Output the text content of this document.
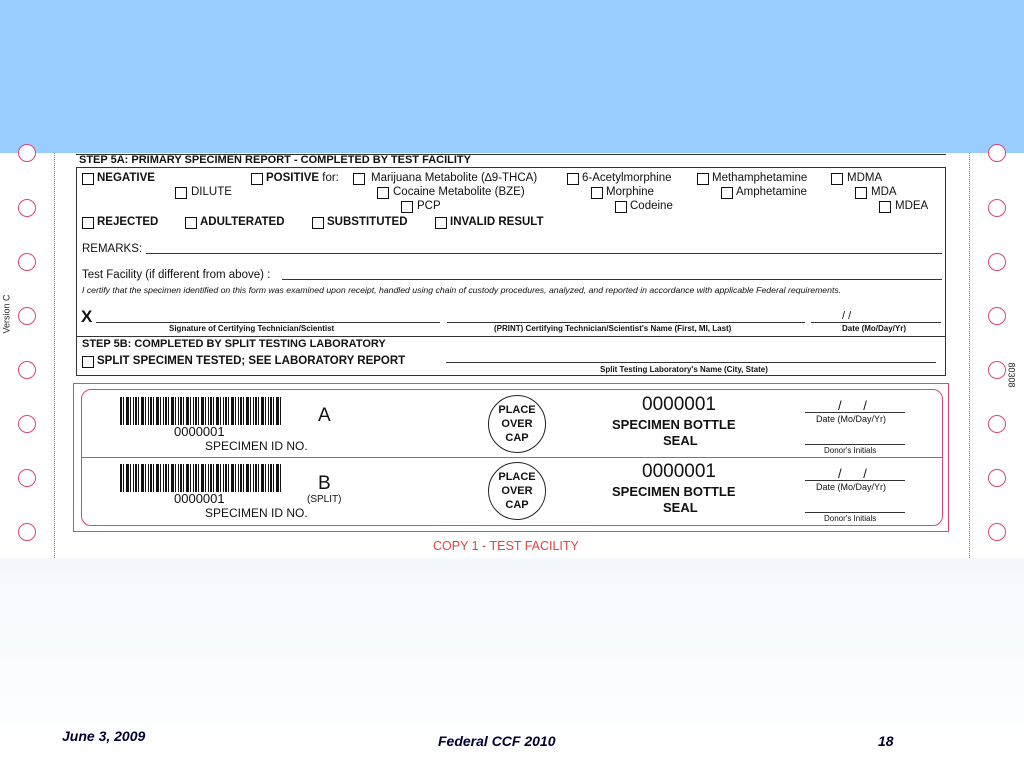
Version C
80308
STEP 5A: PRIMARY SPECIMEN REPORT - COMPLETED BY TEST FACILITY
NEGATIVE	POSITIVE for:	Marijuana Metabolite (∆9-THCA)	6-Acetylmorphine	Methamphetamine	MDMA
DILUTE	Cocaine Metabolite (BZE)	Morphine	Amphetamine	MDA
PCP	Codeine	MDEA
REJECTED	ADULTERATED	SUBSTITUTED	INVALID RESULT
REMARKS:
Test Facility (if different from above) :
I certify that the specimen identified on this form was examined upon receipt, handled using chain of custody procedures, analyzed, and reported in accordance with applicable Federal requirements.
X	/ /
Signature of Certifying Technician/Scientist	(PRINT) Certifying Technician/Scientist's Name (First, MI, Last)	Date (Mo/Day/Yr)
STEP 5B: COMPLETED BY SPLIT TESTING LABORATORY
SPLIT SPECIMEN TESTED; SEE LABORATORY REPORT
Split Testing Laboratory's Name (City, State)
0000001
SPECIMEN ID NO.
A	PLACE
OVER
CAP
0000001
SPECIMEN BOTTLE
SEAL
/      /
Date (Mo/Day/Yr)
Donor's Initials
0000001
SPECIMEN ID NO.
B
(SPLIT)
PLACE
OVER
CAP
0000001
SPECIMEN BOTTLE
SEAL
/      /
Date (Mo/Day/Yr)
Donor's Initials
COPY 1 - TEST FACILITY
June 3, 2009	Federal CCF 2010	18
